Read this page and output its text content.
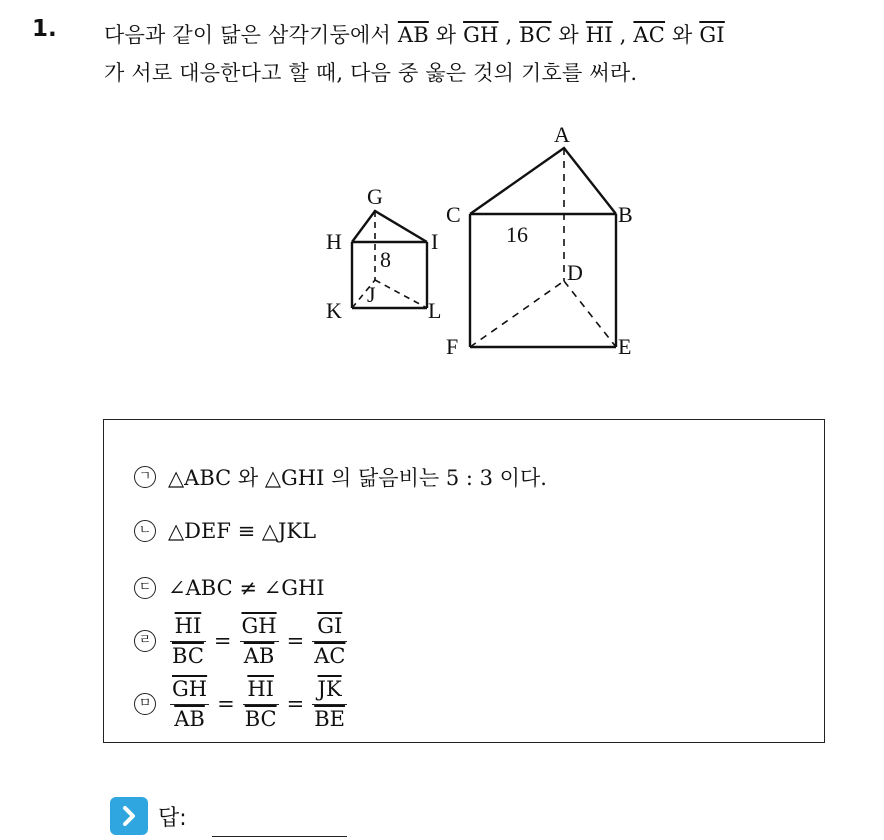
1. 다음과 같이 닮은 삼각기둥에서 $\overline{AB}$ 와 $\overline{GH}$ , $\overline{BC}$ 와 $\overline{HI}$ , $\overline{AC}$ 와 $\overline{GI}$
가 서로 대응한다고 할 때, 다음 중 옳은 것의 기호를 써라.
G
H	I
J
K	L
8
A
B
C
D
E
F
16
ㄱ △ABC 와 △GHI 의 닮음비는 5 : 3 이다.
ㄴ △DEF ≡ △JKL
ㄷ ∠ABC ≠ ∠GHI
ㄹ $\frac{\overline{HI}}{BC} = \frac{\overline{GH}}{AB} = \frac{\overline{GI}}{AC}$
ㅁ $\frac{\overline{GH}}{AB} = \frac{\overline{HI}}{BC} = \frac{\overline{JK}}{BE}$
답:
